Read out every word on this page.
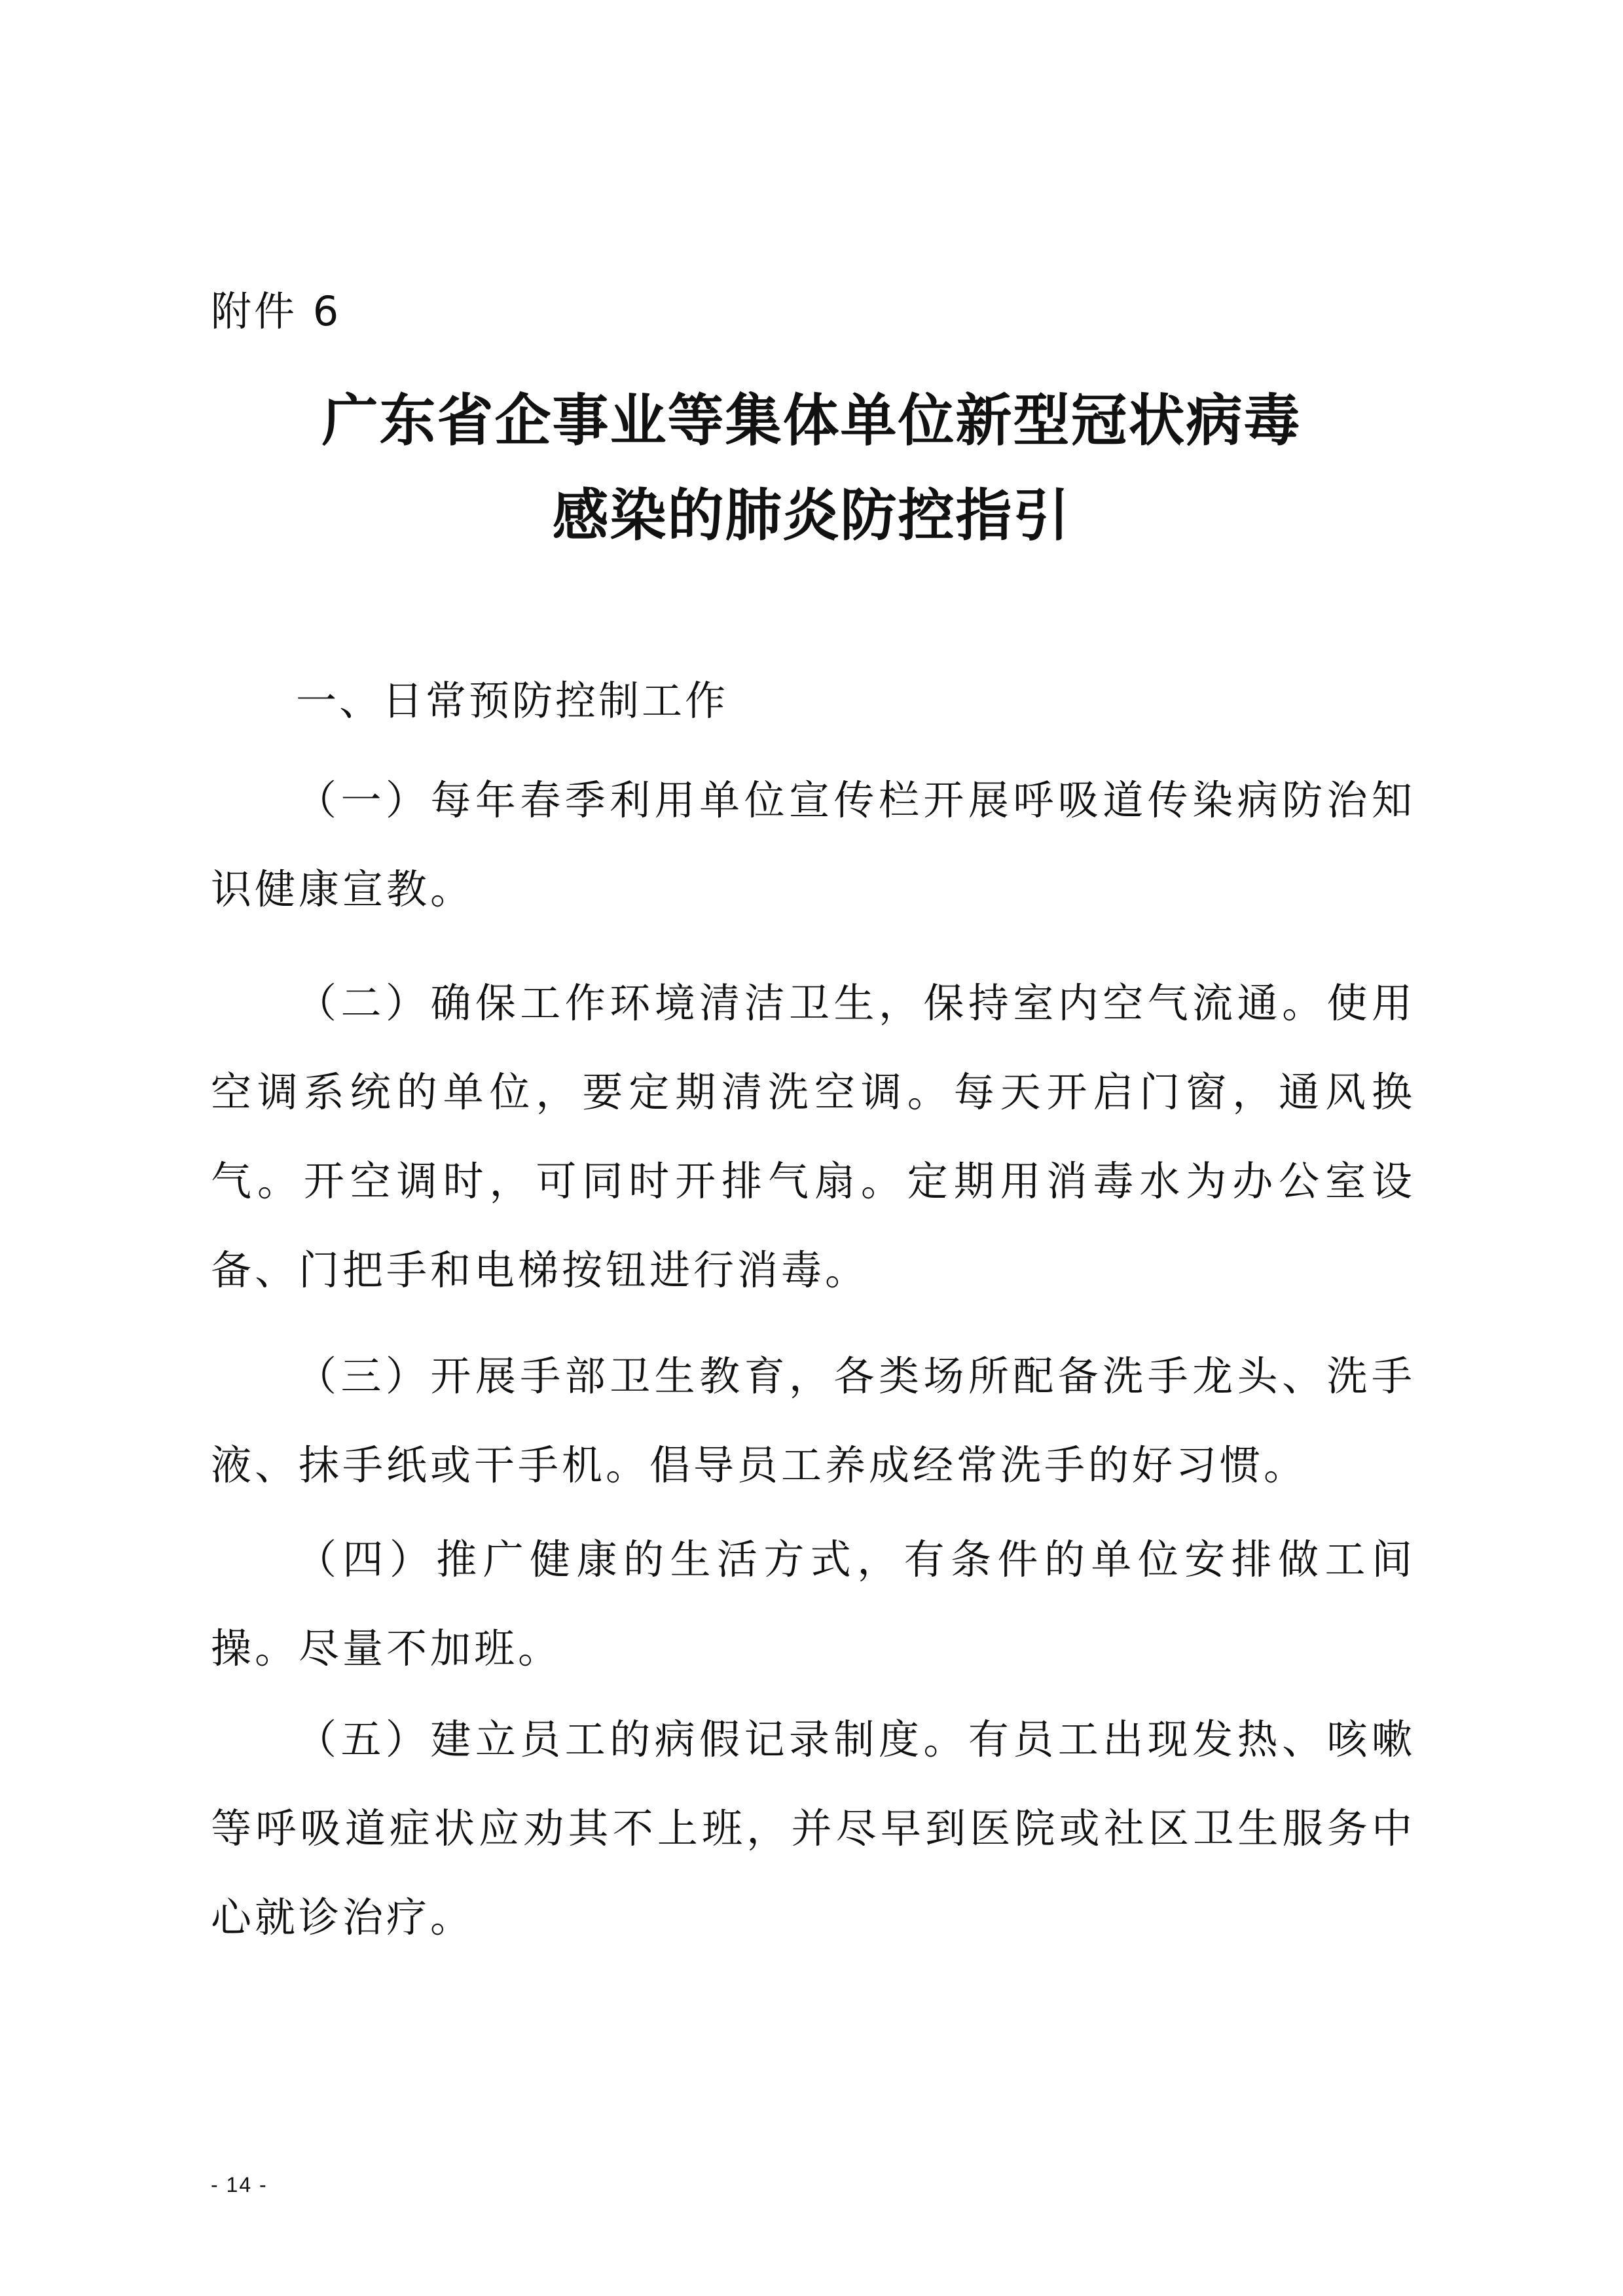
附件 6
广东省企事业等集体单位新型冠状病毒
感染的肺炎防控指引
一、日常预防控制工作

（一）每年春季利用单位宣传栏开展呼吸道传染病防治知识健康宣教。

（二）确保工作环境清洁卫生，保持室内空气流通。使用空调系统的单位，要定期清洗空调。每天开启门窗，通风换气。开空调时，可同时开排气扇。定期用消毒水为办公室设备、门把手和电梯按钮进行消毒。

（三）开展手部卫生教育，各类场所配备洗手龙头、洗手液、抹手纸或干手机。倡导员工养成经常洗手的好习惯。

（四）推广健康的生活方式，有条件的单位安排做工间操。尽量不加班。

（五）建立员工的病假记录制度。有员工出现发热、咳嗽等呼吸道症状应劝其不上班，并尽早到医院或社区卫生服务中心就诊治疗。

- 14 -
